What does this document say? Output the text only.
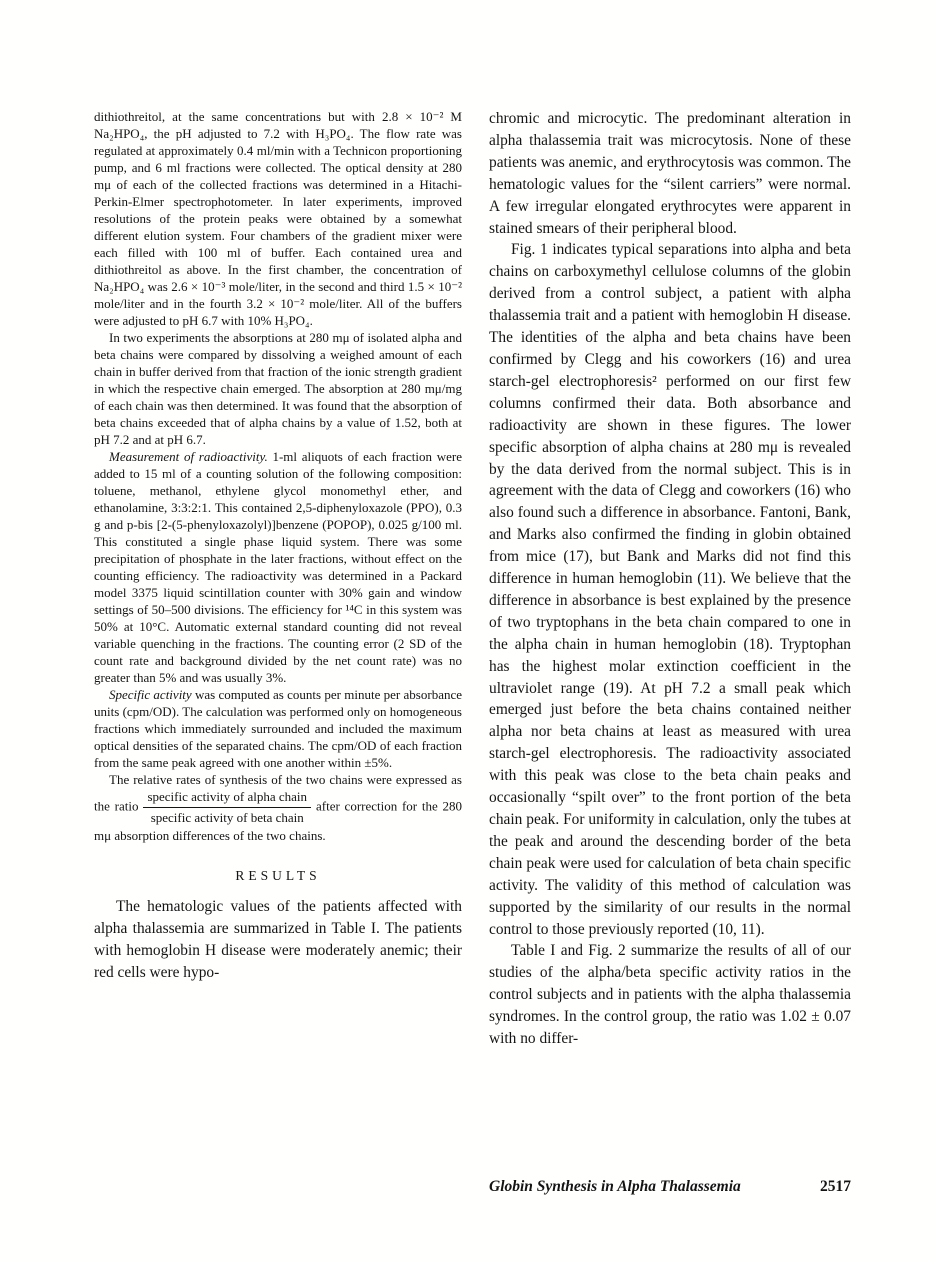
dithiothreitol, at the same concentrations but with 2.8 × 10⁻² M Na₂HPO₄, the pH adjusted to 7.2 with H₃PO₄. The flow rate was regulated at approximately 0.4 ml/min with a Technicon proportioning pump, and 6 ml fractions were collected. The optical density at 280 mμ of each of the collected fractions was determined in a Hitachi-Perkin-Elmer spectrophotometer. In later experiments, improved resolutions of the protein peaks were obtained by a somewhat different elution system. Four chambers of the gradient mixer were each filled with 100 ml of buffer. Each contained urea and dithiothreitol as above. In the first chamber, the concentration of Na₂HPO₄ was 2.6 × 10⁻³ mole/liter, in the second and third 1.5 × 10⁻² mole/liter and in the fourth 3.2 × 10⁻² mole/liter. All of the buffers were adjusted to pH 6.7 with 10% H₃PO₄.

In two experiments the absorptions at 280 mμ of isolated alpha and beta chains were compared by dissolving a weighed amount of each chain in buffer derived from that fraction of the ionic strength gradient in which the respective chain emerged. The absorption at 280 mμ/mg of each chain was then determined. It was found that the absorption of beta chains exceeded that of alpha chains by a value of 1.52, both at pH 7.2 and at pH 6.7.

Measurement of radioactivity. 1-ml aliquots of each fraction were added to 15 ml of a counting solution of the following composition: toluene, methanol, ethylene glycol monomethyl ether, and ethanolamine, 3:3:2:1. This contained 2,5-diphenyloxazole (PPO), 0.3 g and p-bis [2-(5-phenyloxazolyl)]benzene (POPOP), 0.025 g/100 ml. This constituted a single phase liquid system. There was some precipitation of phosphate in the later fractions, without effect on the counting efficiency. The radioactivity was determined in a Packard model 3375 liquid scintillation counter with 30% gain and window settings of 50–500 divisions. The efficiency for ¹⁴C in this system was 50% at 10°C. Automatic external standard counting did not reveal variable quenching in the fractions. The counting error (2 SD of the count rate and background divided by the net count rate) was no greater than 5% and was usually 3%.

Specific activity was computed as counts per minute per absorbance units (cpm/OD). The calculation was performed only on homogeneous fractions which immediately surrounded and included the maximum optical densities of the separated chains. The cpm/OD of each fraction from the same peak agreed with one another within ±5%.

The relative rates of synthesis of the two chains were expressed as the ratio $\frac{\text{specific activity of alpha chain}}{\text{specific activity of beta chain}}$ after correction for the 280 mμ absorption differences of the two chains.

RESULTS

The hematologic values of the patients affected with alpha thalassemia are summarized in Table I. The patients with hemoglobin H disease were moderately anemic; their red cells were hypo-

chromic and microcytic. The predominant alteration in alpha thalassemia trait was microcytosis. None of these patients was anemic, and erythrocytosis was common. The hematologic values for the “silent carriers” were normal. A few irregular elongated erythrocytes were apparent in stained smears of their peripheral blood.

Fig. 1 indicates typical separations into alpha and beta chains on carboxymethyl cellulose columns of the globin derived from a control subject, a patient with alpha thalassemia trait and a patient with hemoglobin H disease. The identities of the alpha and beta chains have been confirmed by Clegg and his coworkers (16) and urea starch-gel electrophoresis² performed on our first few columns confirmed their data. Both absorbance and radioactivity are shown in these figures. The lower specific absorption of alpha chains at 280 mμ is revealed by the data derived from the normal subject. This is in agreement with the data of Clegg and coworkers (16) who also found such a difference in absorbance. Fantoni, Bank, and Marks also confirmed the finding in globin obtained from mice (17), but Bank and Marks did not find this difference in human hemoglobin (11). We believe that the difference in absorbance is best explained by the presence of two tryptophans in the beta chain compared to one in the alpha chain in human hemoglobin (18). Tryptophan has the highest molar extinction coefficient in the ultraviolet range (19). At pH 7.2 a small peak which emerged just before the beta chains contained neither alpha nor beta chains at least as measured with urea starch-gel electrophoresis. The radioactivity associated with this peak was close to the beta chain peaks and occasionally “spilt over” to the front portion of the beta chain peak. For uniformity in calculation, only the tubes at the peak and around the descending border of the beta chain peak were used for calculation of beta chain specific activity. The validity of this method of calculation was supported by the similarity of our results in the normal control to those previously reported (10, 11).

Table I and Fig. 2 summarize the results of all of our studies of the alpha/beta specific activity ratios in the control subjects and in patients with the alpha thalassemia syndromes. In the control group, the ratio was 1.02 ± 0.07 with no differ-

Globin Synthesis in Alpha Thalassemia	2517
